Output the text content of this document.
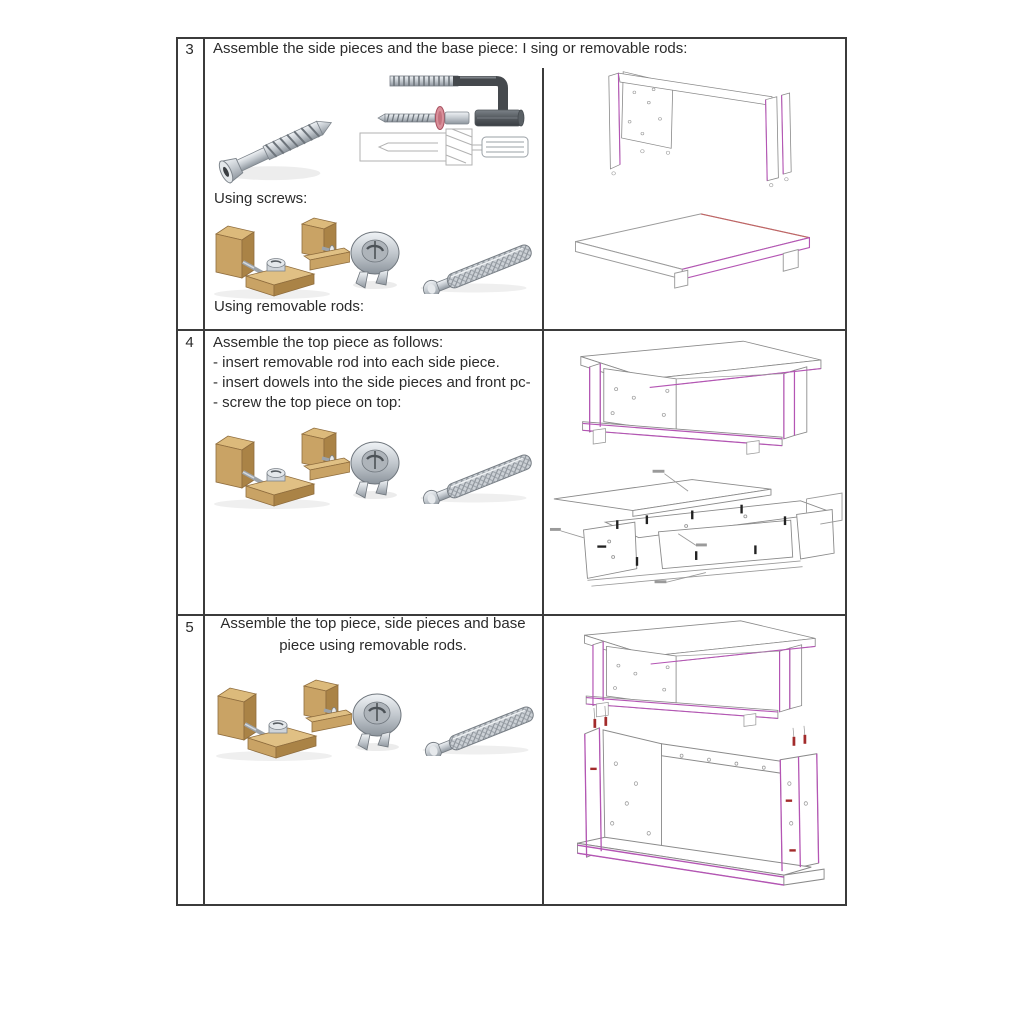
3	Assemble the side pieces and the base piece: I sing or removable rods:
Using screws:
Using removable rods:
4	Assemble the top piece as follows:
- insert removable rod into each side piece.
- insert dowels into the side pieces and front pc-
- screw the top piece on top:
5	Assemble the top piece, side pieces and base
piece using removable rods.
